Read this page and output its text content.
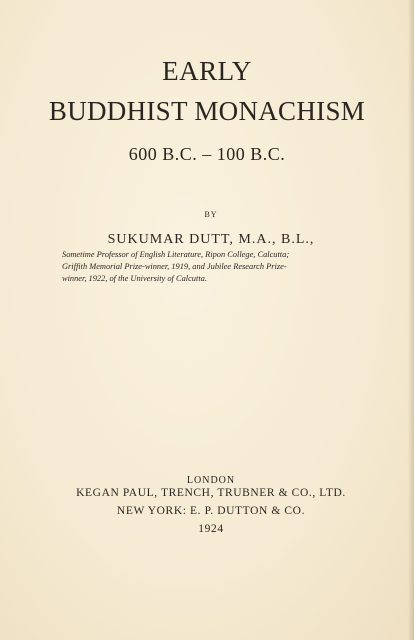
EARLY
BUDDHIST MONACHISM
600 B.C. – 100 B.C.
BY
SUKUMAR DUTT, M.A., B.L.,
Sometime Professor of English Literature, Ripon College, Calcutta;
Griffith Memorial Prize-winner, 1919, and Jubilee Research Prize-
winner, 1922, of the University of Calcutta.
LONDON
KEGAN PAUL, TRENCH, TRUBNER & CO., LTD.
NEW YORK: E. P. DUTTON & CO.
1924
